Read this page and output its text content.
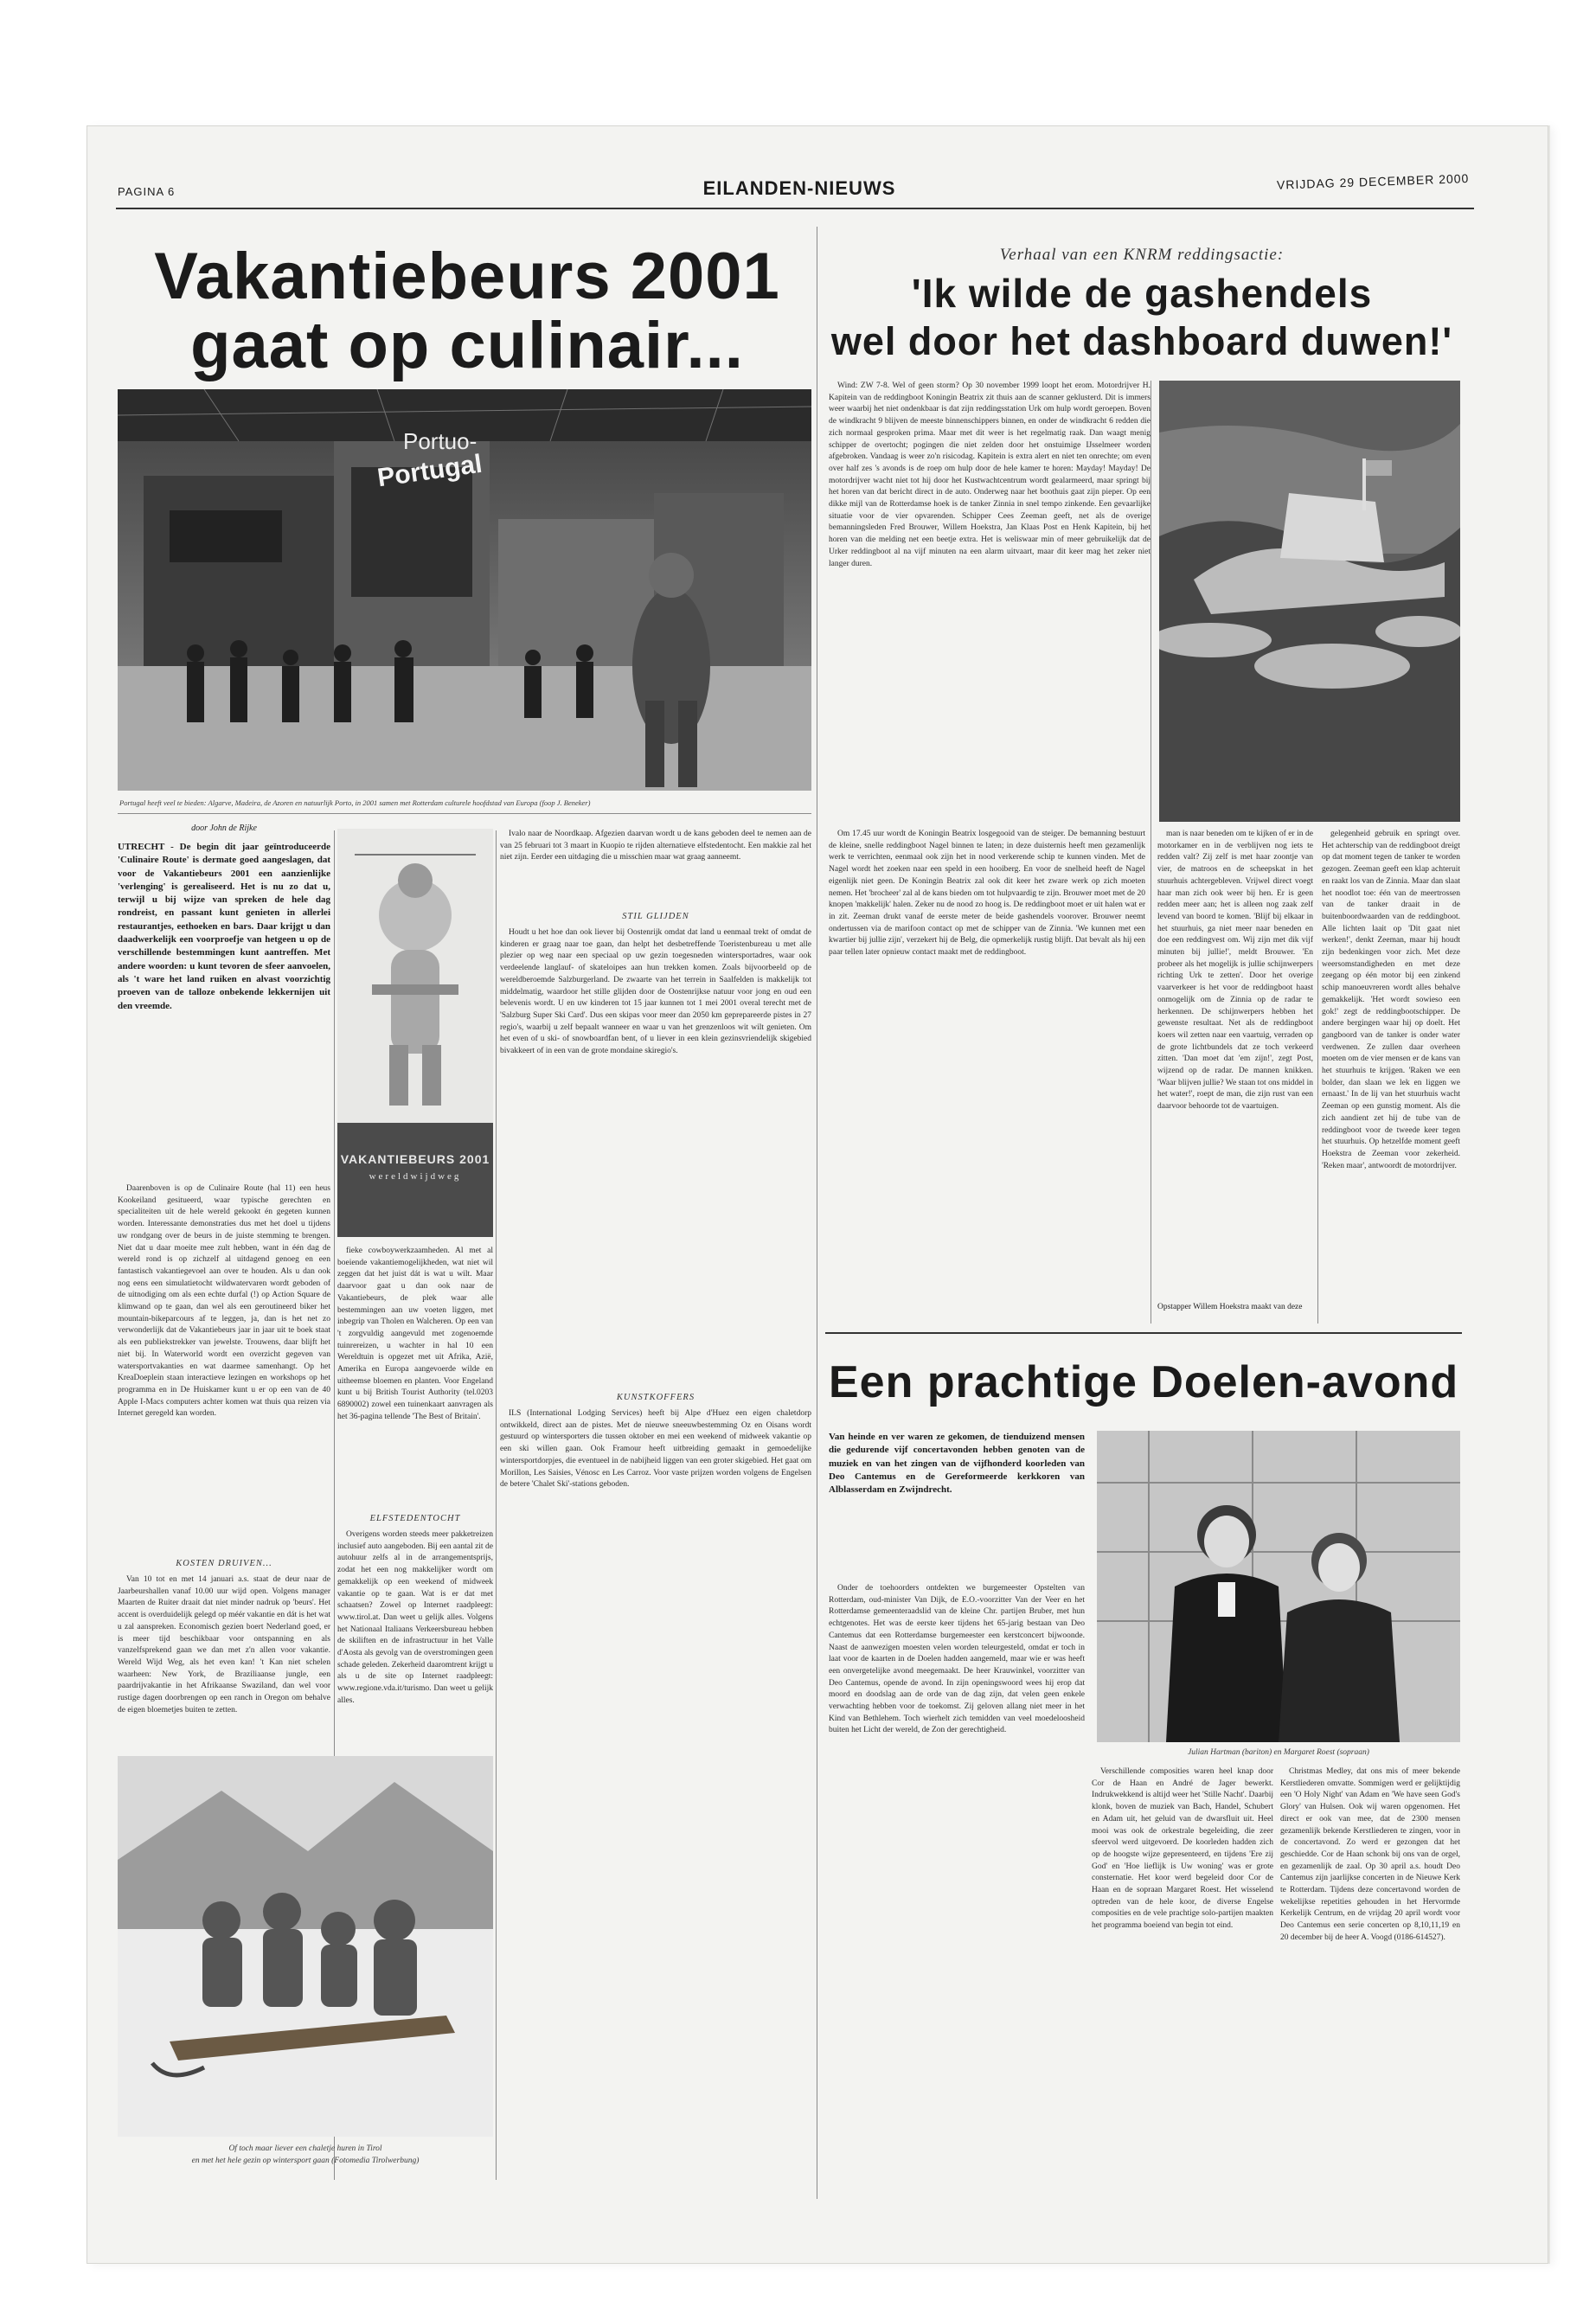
PAGINA 6	EILANDEN-NIEUWS	VRIJDAG 29 DECEMBER 2000
Vakantiebeurs 2001
gaat op culinair...
Portuo-
Portugal
Portugal heeft veel te bieden: Algarve, Madeira, de Azoren en natuurlijk Porto, in 2001 samen met Rotterdam culturele hoofdstad van Europa (foop J. Beneker)
door John de Rijke
UTRECHT - De begin dit jaar geïntroduceerde 'Culinaire Route' is dermate goed aangeslagen, dat voor de Vakantiebeurs 2001 een aanzienlijke 'verlenging' is gerealiseerd. Het is nu zo dat u, terwijl u bij wijze van spreken de hele dag rondreist, en passant kunt genieten in allerlei restaurantjes, eethoeken en bars. Daar krijgt u dan daadwerkelijk een voorproefje van hetgeen u op de verschillende bestemmingen kunt aantreffen. Met andere woorden: u kunt tevoren de sfeer aanvoelen, als 't ware het land ruiken en alvast voorzichtig proeven van de talloze onbekende lekkernijen uit den vreemde.

Daarenboven is op de Culinaire Route (hal 11) een heus Kookeiland gesitueerd, waar typische gerechten en specialiteiten uit de hele wereld gekookt én gegeten kunnen worden. Interessante demonstraties dus met het doel u tijdens uw rondgang over de beurs in de juiste stemming te brengen. Niet dat u daar moeite mee zult hebben, want in één dag de wereld rond is op zichzelf al uitdagend genoeg en een fantastisch vakantiegevoel aan over te houden. Als u dan ook nog eens een simulatietocht wildwatervaren wordt geboden of de uitnodiging om als een echte durfal (!) op Action Square de klimwand op te gaan, dan wel als een geroutineerd biker het mountain-bikeparcours af te leggen, ja, dan is het net zo verwonderlijk dat de Vakantiebeurs jaar in jaar uit te boek staat als een publiekstrekker van jewelste. Trouwens, daar blijft het niet bij. In Waterworld wordt een overzicht gegeven van watersportvakanties en wat daarmee samenhangt. Op het KreaDoeplein staan interactieve lezingen en workshops op het programma en in De Huiskamer kunt u er op een van de 40 Apple I-Macs computers achter komen wat thuis qua reizen via Internet geregeld kan worden.

KOSTEN DRUIVEN...

Van 10 tot en met 14 januari a.s. staat de deur naar de Jaarbeurshallen vanaf 10.00 uur wijd open. Volgens manager Maarten de Ruiter draait dat niet minder nadruk op 'beurs'. Het accent is overduidelijk gelegd op méér vakantie en dát is het wat u zal aanspreken. Economisch gezien boert Nederland goed, er is meer tijd beschikbaar voor ontspanning en als vanzelfsprekend gaan we dan met z'n allen voor vakantie. Wereld Wijd Weg, als het even kan! 't Kan niet schelen waarheen: New York, de Braziliaanse jungle, een paardrijvakantie in het Afrikaanse Swaziland, dan wel voor rustige dagen doorbrengen op een ranch in Oregon om behalve de eigen bloemetjes buiten te zetten.

VAKANTIEBEURS 2001
wereldwijdweg

fieke cowboywerkzaamheden. Al met al boeiende vakantiemogelijkheden, wat niet wil zeggen dat het juist dát is wat u wilt. Maar daarvoor gaat u dan ook naar de Vakantiebeurs, de plek waar alle bestemmingen aan uw voeten liggen, met inbegrip van Tholen en Walcheren. Op een van 't zorgvuldig aangevuld met zogenoemde tuinrereizen, u wachter in hal 10 een Wereldtuin is opgezet met uit Afrika, Azië, Amerika en Europa aangevoerde wilde en uitheemse bloemen en planten. Voor Engeland kunt u bij British Tourist Authority (tel.0203 6890002) zowel een tuinenkaart aanvragen als het 36-pagina tellende 'The Best of Britain'.

ELFSTEDENTOCHT

Overigens worden steeds meer pakketreizen inclusief auto aangeboden. Bij een aantal zit de autohuur zelfs al in de arrangementsprijs, zodat het een nog makkelijker wordt om gemakkelijk op een weekend of midweek vakantie op te gaan. Wat is er dat met schaatsen? Zowel op Internet raadpleegt: www.tirol.at. Dan weet u gelijk alles. Volgens het Nationaal Italiaans Verkeersbureau hebben de skiliften en de infrastructuur in het Valle d'Aosta als gevolg van de overstromingen geen schade geleden. Zekerheid daaromtrent krijgt u als u de site op Internet raadpleegt: www.regione.vda.it/turismo. Dan weet u gelijk alles.

Ivalo naar de Noordkaap. Afgezien daarvan wordt u de kans geboden deel te nemen aan de van 25 februari tot 3 maart in Kuopio te rijden alternatieve elfstedentocht. Een makkie zal het niet zijn. Eerder een uitdaging die u misschien maar wat graag aanneemt.

STIL GLIJDEN

Houdt u het hoe dan ook liever bij Oostenrijk omdat dat land u eenmaal trekt of omdat de kinderen er graag naar toe gaan, dan helpt het desbetreffende Toeristenbureau u met alle plezier op weg naar een speciaal op uw gezin toegesneden wintersportadres, waar ook verdeelende langlauf- of skateloipes aan hun trekken komen. Zoals bijvoorbeeld op de wereldberoemde Salzburgerland. De zwaarte van het terrein in Saalfelden is makkelijk tot middelmatig, waardoor het stille glijden door de Oostenrijkse natuur voor jong en oud een belevenis wordt. U en uw kinderen tot 15 jaar kunnen tot 1 mei 2001 overal terecht met de 'Salzburg Super Ski Card'. Dus een skipas voor meer dan 2050 km geprepareerde pistes in 27 regio's, waarbij u zelf bepaalt wanneer en waar u van het grenzenloos wit wilt genieten. Om het even of u ski- of snowboardfan bent, of u liever in een klein gezinsvriendelijk skigebied bivakkeert of in een van de grote mondaine skiregio's.

KUNSTKOFFERS

ILS (International Lodging Services) heeft bij Alpe d'Huez een eigen chaletdorp ontwikkeld, direct aan de pistes. Met de nieuwe sneeuwbestemming Oz en Oisans wordt gestuurd op wintersporters die tussen oktober en mei een weekend of midweek vakantie op een ski willen gaan. Ook Framour heeft uitbreiding gemaakt in gemoedelijke wintersportdorpjes, die eventueel in de nabijheid liggen van een groter skigebied. Het gaat om Morillon, Les Saisies, Vénosc en Les Carroz. Voor vaste prijzen worden volgens de Engelsen de betere 'Chalet Ski'-stations geboden.

Of toch maar liever een chaletje huren in Tirol
en met het hele gezin op wintersport gaan (Fotomedia Tirolwerbung)
Verhaal van een KNRM reddingsactie:
'Ik wilde de gashendels
wel door het dashboard duwen!'

Wind: ZW 7-8. Wel of geen storm? Op 30 november 1999 loopt het erom. Motordrijver H. Kapitein van de reddingboot Koningin Beatrix zit thuis aan de scanner geklusterd. Dit is immers weer waarbij het niet ondenkbaar is dat zijn reddingsstation Urk om hulp wordt geroepen. Boven de windkracht 9 blijven de meeste binnenschippers binnen, en onder de windkracht 6 redden die zich normaal gesproken prima. Maar met dit weer is het regelmatig raak. Dan waagt menig schipper de overtocht; pogingen die niet zelden door het onstuimige IJsselmeer worden afgebroken. Vandaag is weer zo'n risicodag. Kapitein is extra alert en niet ten onrechte; om even over half zes 's avonds is de roep om hulp door de hele kamer te horen: Mayday! Mayday! De motordrijver wacht niet tot hij door het Kustwachtcentrum wordt gealarmeerd, maar springt bij het horen van dat bericht direct in de auto. Onderweg naar het boothuis gaat zijn pieper. Op een dikke mijl van de Rotterdamse hoek is de tanker Zinnia in snel tempo zinkende. Een gevaarlijke situatie voor de vier opvarenden. Schipper Cees Zeeman geeft, net als de overige bemanningsleden Fred Brouwer, Willem Hoekstra, Jan Klaas Post en Henk Kapitein, bij het horen van die melding net een beetje extra. Het is weliswaar min of meer gebruikelijk dat de Urker reddingboot al na vijf minuten na een alarm uitvaart, maar dit keer mag het zeker niet langer duren.

Om 17.45 uur wordt de Koningin Beatrix losgegooid van de steiger. De bemanning bestuurt de kleine, snelle reddingboot Nagel binnen te laten; in deze duisternis heeft men gezamenlijk werk te verrichten, eenmaal ook zijn het in nood verkerende schip te kunnen vinden. Met de Nagel wordt het zoeken naar een speld in een hooiberg. En voor de snelheid heeft de Nagel eigenlijk niet geen. De Koningin Beatrix zal ook dit keer het zware werk op zich moeten nemen. Het 'brocheer' zal al de kans bieden om tot hulpvaardig te zijn. Brouwer moet met de 20 knopen 'makkelijk' halen. Zeker nu de nood zo hoog is. De reddingboot moet er uit halen wat er in zit. Zeeman drukt vanaf de eerste meter de beide gashendels voorover. Brouwer neemt ondertussen via de marifoon contact op met de schipper van de Zinnia. 'We kunnen met een kwartier bij jullie zijn', verzekert hij de Belg, die opmerkelijk rustig blijft. Dat bevalt als hij een paar tellen later opnieuw contact maakt met de reddingboot.

man is naar beneden om te kijken of er in de motorkamer en in de verblijven nog iets te redden valt? Zij zelf is met haar zoontje van vier, de matroos en de scheepskat in het stuurhuis achtergebleven. Vrijwel direct voegt haar man zich ook weer bij hen. Er is geen redden meer aan; het is alleen nog zaak zelf levend van boord te komen. 'Blijf bij elkaar in het stuurhuis, ga niet meer naar beneden en doe een reddingvest om. Wij zijn met dik vijf minuten bij jullie!', meldt Brouwer. 'En probeer als het mogelijk is jullie schijnwerpers richting Urk te zetten'. Door het overige vaarverkeer is het voor de reddingboot haast onmogelijk om de Zinnia op de radar te herkennen. De schijnwerpers hebben het gewenste resultaat. Net als de reddingboot koers wil zetten naar een vaartuig, verraden op de grote lichtbundels dat ze toch verkeerd zitten. 'Dan moet dat 'em zijn!', zegt Post, wijzend op de radar. De mannen knikken. 'Waar blijven jullie? We staan tot ons middel in het water!', roept de man, die zijn rust van een daarvoor behoorde tot de vaartuigen.

gelegenheid gebruik en springt over. Het achterschip van de reddingboot dreigt op dat moment tegen de tanker te worden gezogen. Zeeman geeft een klap achteruit en raakt los van de Zinnia. Maar dan slaat het noodlot toe: één van de meertrossen van de tanker draait in de buitenboordwaarden van de reddingboot. Alle lichten laait op 'Dit gaat niet werken!', denkt Zeeman, maar hij houdt zijn bedenkingen voor zich. Met deze weersomstandigheden en met deze zeegang op één motor bij een zinkend schip manoeuvreren wordt alles behalve gemakkelijk. 'Het wordt sowieso een gok!' zegt de reddingbootschipper. De andere bergingen waar hij op doelt. Het gangboord van de tanker is onder water verdwenen. Ze zullen daar overheen moeten om de vier mensen er de kans van het stuurhuis te krijgen. 'Raken we een bolder, dan slaan we lek en liggen we ernaast.' In de lij van het stuurhuis wacht Zeeman op een gunstig moment. Als die zich aandient zet hij de tube van de reddingboot voor de tweede keer tegen het stuurhuis. Op hetzelfde moment geeft Hoekstra de Zeeman voor zekerheid. 'Reken maar', antwoordt de motordrijver.

Opstapper Willem Hoekstra maakt van deze
Een prachtige Doelen-avond
Van heinde en ver waren ze gekomen, de tienduizend mensen die gedurende vijf concertavonden hebben genoten van de muziek en van het zingen van de vijfhonderd koorleden van Deo Cantemus en de Gereformeerde kerkkoren van Alblasserdam en Zwijndrecht.

Onder de toehoorders ontdekten we burgemeester Opstelten van Rotterdam, oud-minister Van Dijk, de E.O.-voorzitter Van der Veer en het Rotterdamse gemeenteraadslid van de kleine Chr. partijen Bruber, met hun echtgenotes. Het was de eerste keer tijdens het 65-jarig bestaan van Deo Cantemus dat een Rotterdamse burgemeester een kerstconcert bijwoonde. Naast de aanwezigen moesten velen worden teleurgesteld, omdat er toch in laat voor de kaarten in de Doelen hadden aangemeld, maar wie er was heeft een onvergetelijke avond meegemaakt. De heer Krauwinkel, voorzitter van Deo Cantemus, opende de avond. In zijn openingswoord wees hij erop dat moord en doodslag aan de orde van de dag zijn, dat velen geen enkele verwachting hebben voor de toekomst. Zij geloven allang niet meer in het Kind van Bethlehem. Toch wierhelt zich temidden van veel moedeloosheid buiten het Licht der wereld, de Zon der gerechtigheid.

Julian Hartman (bariton) en Margaret Roest (sopraan)

Verschillende composities waren heel knap door Cor de Haan en André de Jager bewerkt. Indrukwekkend is altijd weer het 'Stille Nacht'. Daarbij klonk, boven de muziek van Bach, Handel, Schubert en Adam uit, het geluid van de dwarsfluit uit. Heel mooi was ook de orkestrale begeleiding, die zeer sfeervol werd uitgevoerd. De koorleden hadden zich op de hoogste wijze gepresenteerd, en tijdens 'Ere zij God' en 'Hoe lieflijk is Uw woning' was er grote consternatie. Het koor werd begeleid door Cor de Haan en de sopraan Margaret Roest. Het wisselend optreden van de hele koor, de diverse Engelse composities en de vele prachtige solo-partijen maakten het programma boeiend van begin tot eind.

Christmas Medley, dat ons mis of meer bekende Kerstliederen omvatte. Sommigen werd er gelijktijdig een 'O Holy Night' van Adam en 'We have seen God's Glory' van Hulsen. Ook wij waren opgenomen. Het direct er ook van mee, dat de 2300 mensen gezamenlijk bekende Kerstliederen te zingen, voor in de concertavond. Zo werd er gezongen dat het geschiedde. Cor de Haan schonk bij ons van de orgel, en gezamenlijk de zaal. Op 30 april a.s. houdt Deo Cantemus zijn jaarlijkse concerten in de Nieuwe Kerk te Rotterdam. Tijdens deze concertavond worden de wekelijkse repetities gehouden in het Hervormde Kerkelijk Centrum, en de vrijdag 20 april wordt voor Deo Cantemus een serie concerten op 8,10,11,19 en 20 december bij de heer A. Voogd (0186-614527).
